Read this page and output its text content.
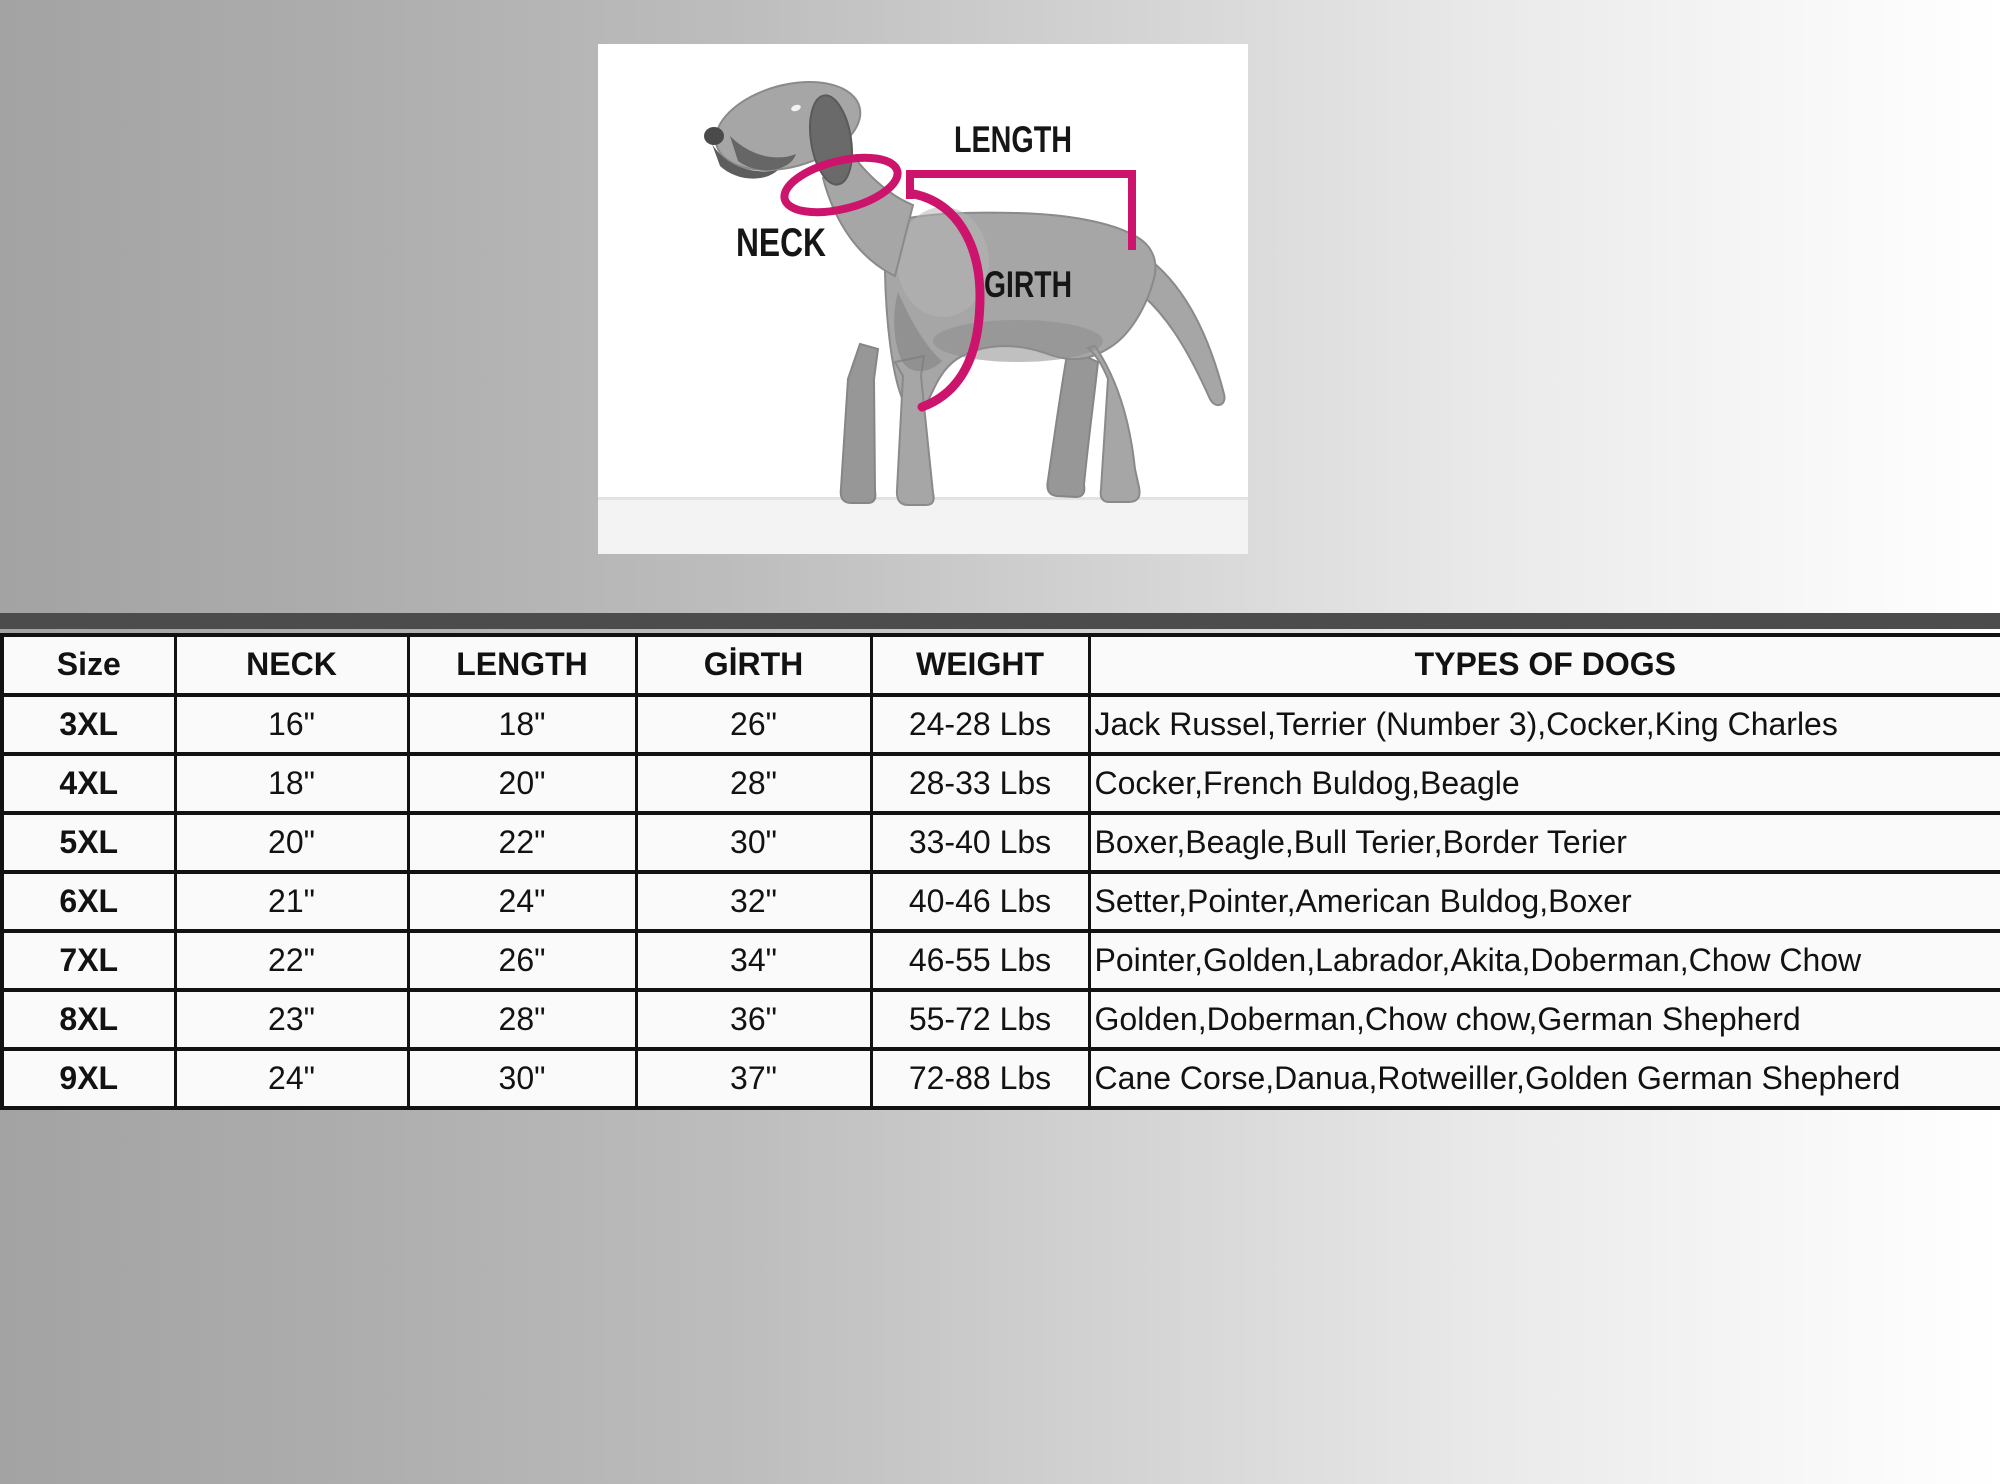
NECK
LENGTH
GIRTH
Size	NECK	LENGTH	GİRTH	WEIGHT	TYPES OF DOGS
3XL	16"	18"	26"	24-28 Lbs	Jack Russel,Terrier (Number 3),Cocker,King Charles
4XL	18"	20"	28"	28-33 Lbs	Cocker,French Buldog,Beagle
5XL	20"	22"	30"	33-40 Lbs	Boxer,Beagle,Bull Terier,Border Terier
6XL	21"	24"	32"	40-46 Lbs	Setter,Pointer,American Buldog,Boxer
7XL	22"	26"	34"	46-55 Lbs	Pointer,Golden,Labrador,Akita,Doberman,Chow Chow
8XL	23"	28"	36"	55-72 Lbs	Golden,Doberman,Chow chow,German Shepherd
9XL	24"	30"	37"	72-88 Lbs	Cane Corse,Danua,Rotweiller,Golden German Shepherd
